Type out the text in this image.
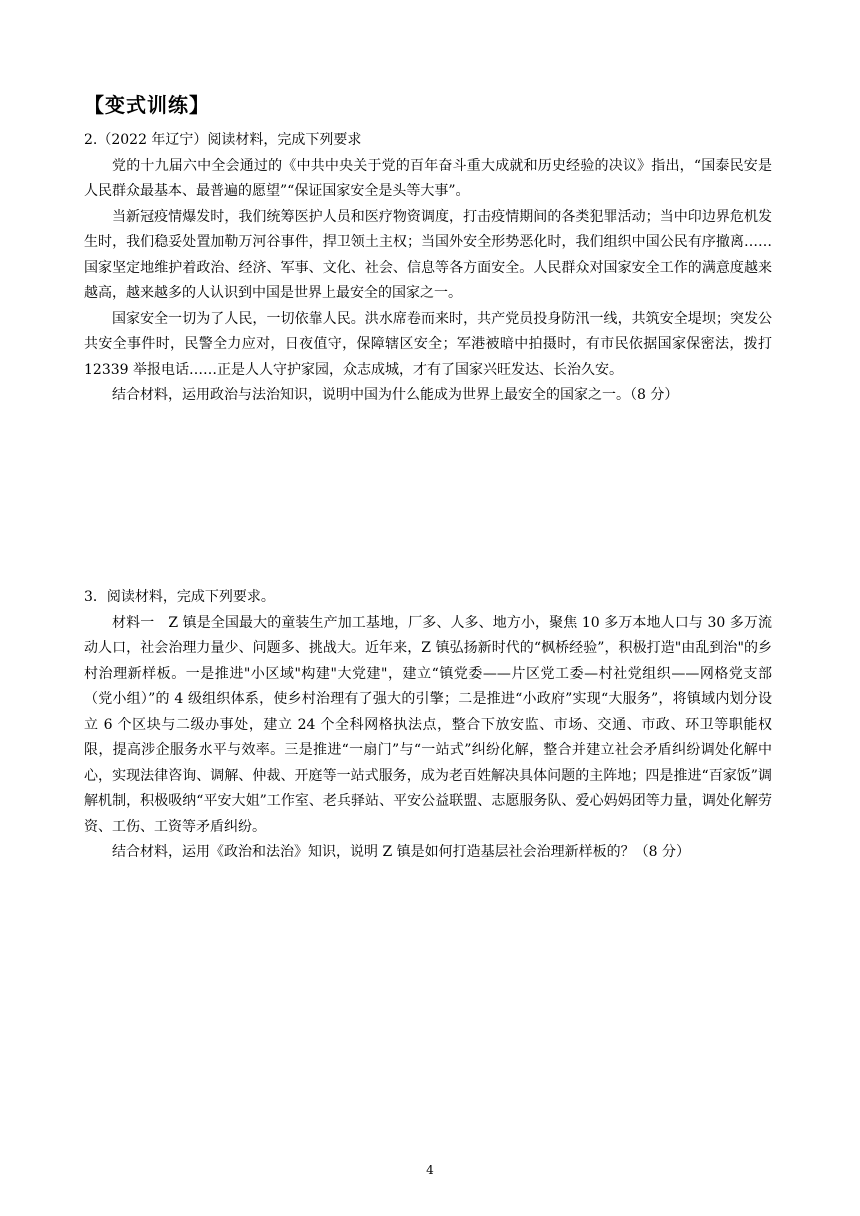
【变式训练】

2.（2022 年辽宁）阅读材料，完成下列要求

党的十九届六中全会通过的《中共中央关于党的百年奋斗重大成就和历史经验的决议》指出，“国泰民安是人民群众最基本、最普遍的愿望”“保证国家安全是头等大事”。

当新冠疫情爆发时，我们统筹医护人员和医疗物资调度，打击疫情期间的各类犯罪活动；当中印边界危机发生时，我们稳妥处置加勒万河谷事件，捍卫领土主权；当国外安全形势恶化时，我们组织中国公民有序撤离……国家坚定地维护着政治、经济、军事、文化、社会、信息等各方面安全。人民群众对国家安全工作的满意度越来越高，越来越多的人认识到中国是世界上最安全的国家之一。

国家安全一切为了人民，一切依靠人民。洪水席卷而来时，共产党员投身防汛一线，共筑安全堤坝；突发公共安全事件时，民警全力应对，日夜值守，保障辖区安全；军港被暗中拍摄时，有市民依据国家保密法，拨打 12339 举报电话……正是人人守护家园，众志成城，才有了国家兴旺发达、长治久安。

结合材料，运用政治与法治知识，说明中国为什么能成为世界上最安全的国家之一。（8 分）

3．阅读材料，完成下列要求。

材料一　Z 镇是全国最大的童装生产加工基地，厂多、人多、地方小，聚焦 10 多万本地人口与 30 多万流动人口，社会治理力量少、问题多、挑战大。近年来，Z 镇弘扬新时代的“枫桥经验”，积极打造"由乱到治"的乡村治理新样板。一是推进"小区域"构建"大党建"，建立“镇党委——片区党工委—村社党组织——网格党支部（党小组）”的 4 级组织体系，使乡村治理有了强大的引擎；二是推进“小政府”实现“大服务”，将镇域内划分设立 6 个区块与二级办事处，建立 24 个全科网格执法点，整合下放安监、市场、交通、市政、环卫等职能权限，提高涉企服务水平与效率。三是推进“一扇门”与“一站式”纠纷化解，整合并建立社会矛盾纠纷调处化解中心，实现法律咨询、调解、仲裁、开庭等一站式服务，成为老百姓解决具体问题的主阵地；四是推进“百家饭”调解机制，积极吸纳“平安大姐”工作室、老兵驿站、平安公益联盟、志愿服务队、爱心妈妈团等力量，调处化解劳资、工伤、工资等矛盾纠纷。

结合材料，运用《政治和法治》知识，说明 Z 镇是如何打造基层社会治理新样板的？（8 分）

4
